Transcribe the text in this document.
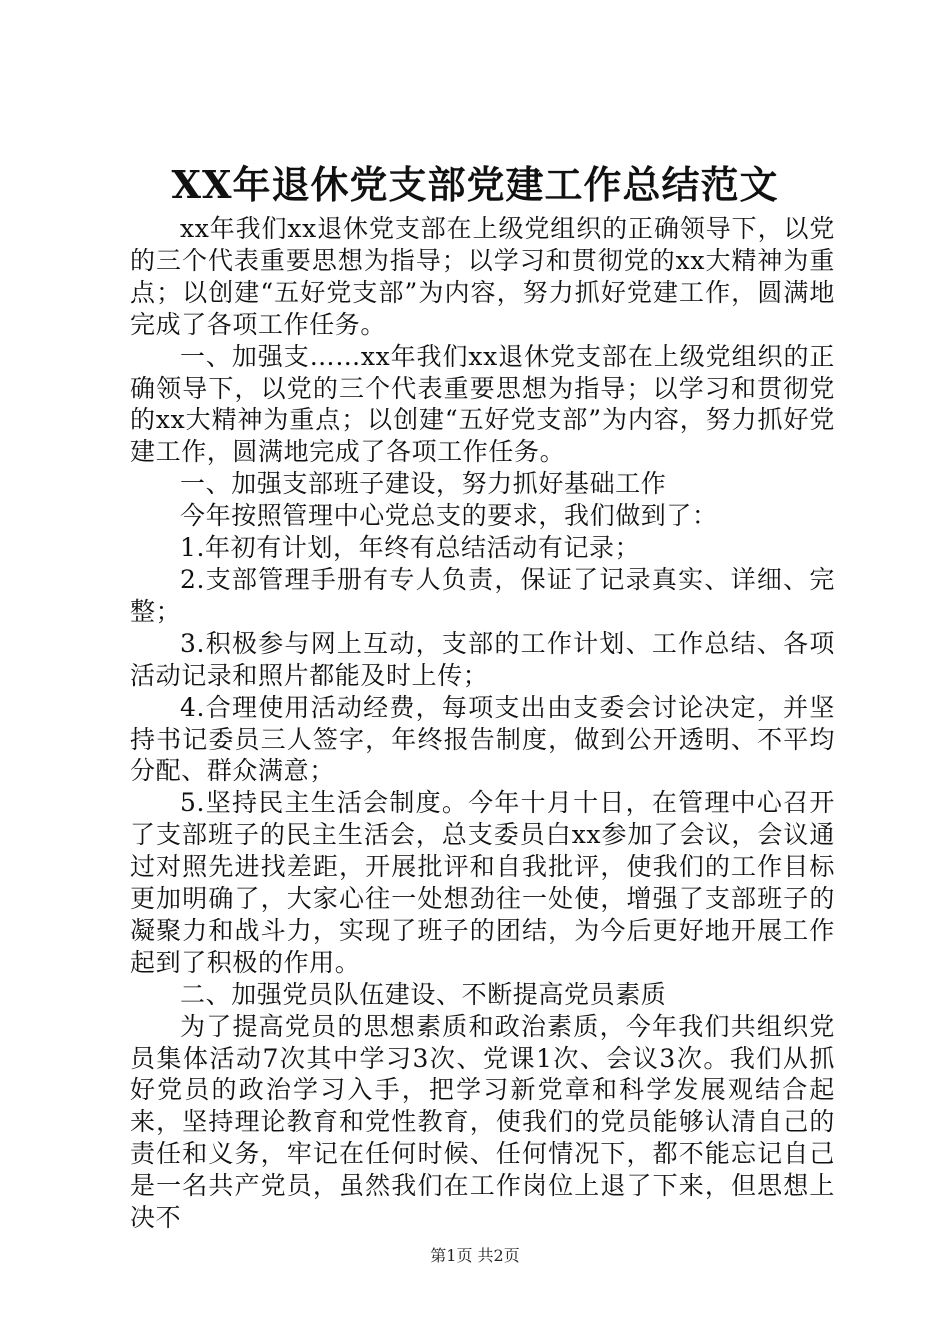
XX年退休党支部党建工作总结范文

xx年我们xx退休党支部在上级党组织的正确领导下，以党的三个代表重要思想为指导；以学习和贯彻党的xx大精神为重点；以创建“五好党支部”为内容，努力抓好党建工作，圆满地完成了各项工作任务。

一、加强支……xx年我们xx退休党支部在上级党组织的正确领导下，以党的三个代表重要思想为指导；以学习和贯彻党的xx大精神为重点；以创建“五好党支部”为内容，努力抓好党建工作，圆满地完成了各项工作任务。

一、加强支部班子建设，努力抓好基础工作

今年按照管理中心党总支的要求，我们做到了：

1.年初有计划，年终有总结活动有记录；

2.支部管理手册有专人负责，保证了记录真实、详细、完整；

3.积极参与网上互动，支部的工作计划、工作总结、各项活动记录和照片都能及时上传；

4.合理使用活动经费，每项支出由支委会讨论决定，并坚持书记委员三人签字，年终报告制度，做到公开透明、不平均分配、群众满意；

5.坚持民主生活会制度。今年十月十日，在管理中心召开了支部班子的民主生活会，总支委员白xx参加了会议，会议通过对照先进找差距，开展批评和自我批评，使我们的工作目标更加明确了，大家心往一处想劲往一处使，增强了支部班子的凝聚力和战斗力，实现了班子的团结，为今后更好地开展工作起到了积极的作用。

二、加强党员队伍建设、不断提高党员素质

为了提高党员的思想素质和政治素质，今年我们共组织党员集体活动7次其中学习3次、党课1次、会议3次。我们从抓好党员的政治学习入手，把学习新党章和科学发展观结合起来，坚持理论教育和党性教育，使我们的党员能够认清自己的责任和义务，牢记在任何时候、任何情况下，都不能忘记自己是一名共产党员，虽然我们在工作岗位上退了下来，但思想上决不

第1页 共2页
